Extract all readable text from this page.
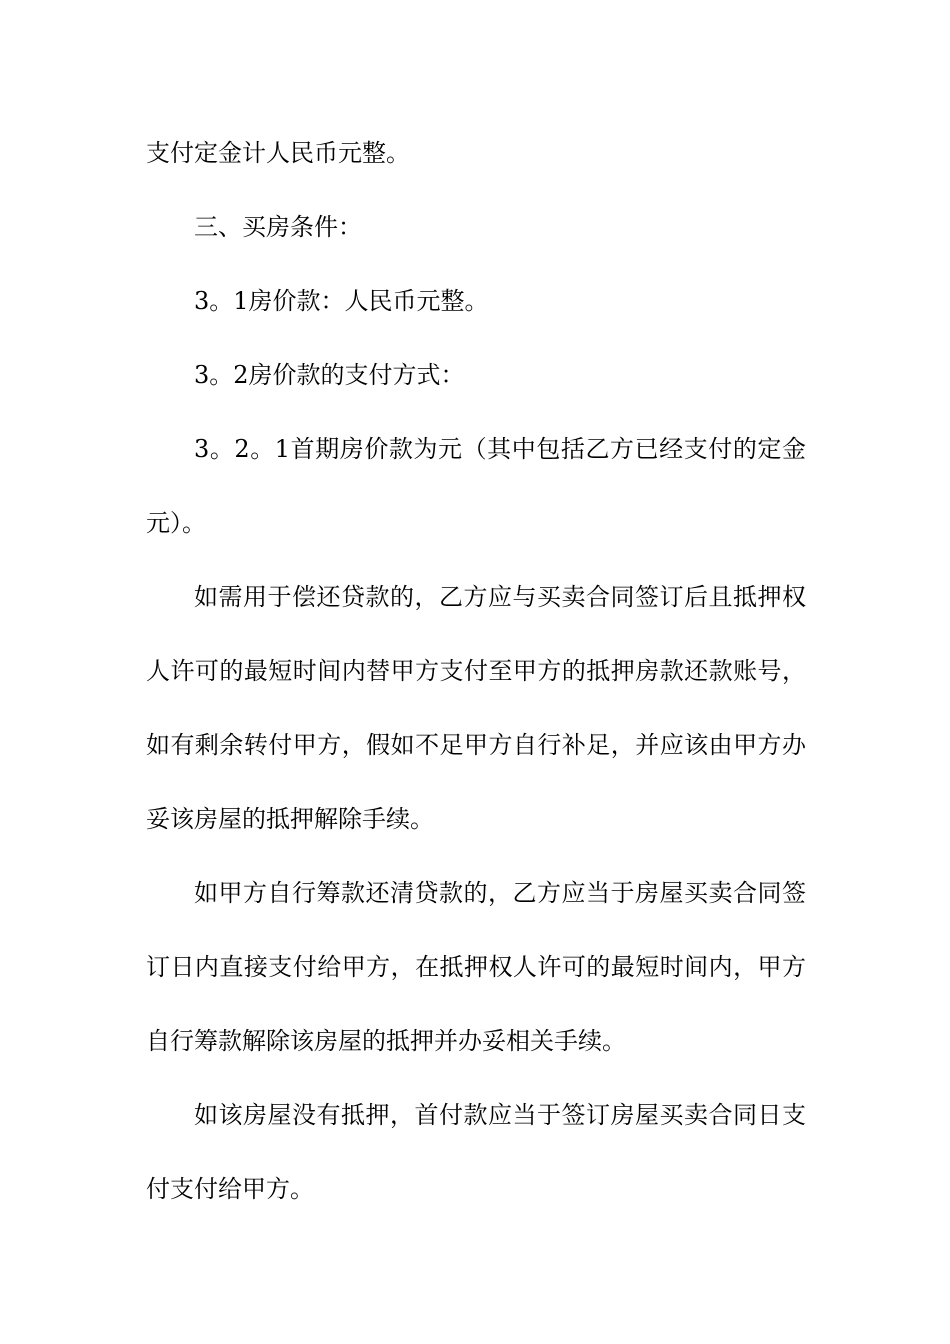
支付定金计人民币元整。
三、买房条件：
3。1房价款：人民币元整。
3。2房价款的支付方式：
3。2。1首期房价款为元（其中包括乙方已经支付的定金
元）。
如需用于偿还贷款的，乙方应与买卖合同签订后且抵押权
人许可的最短时间内替甲方支付至甲方的抵押房款还款账号，
如有剩余转付甲方，假如不足甲方自行补足，并应该由甲方办
妥该房屋的抵押解除手续。
如甲方自行筹款还清贷款的，乙方应当于房屋买卖合同签
订日内直接支付给甲方，在抵押权人许可的最短时间内，甲方
自行筹款解除该房屋的抵押并办妥相关手续。
如该房屋没有抵押，首付款应当于签订房屋买卖合同日支
付支付给甲方。
